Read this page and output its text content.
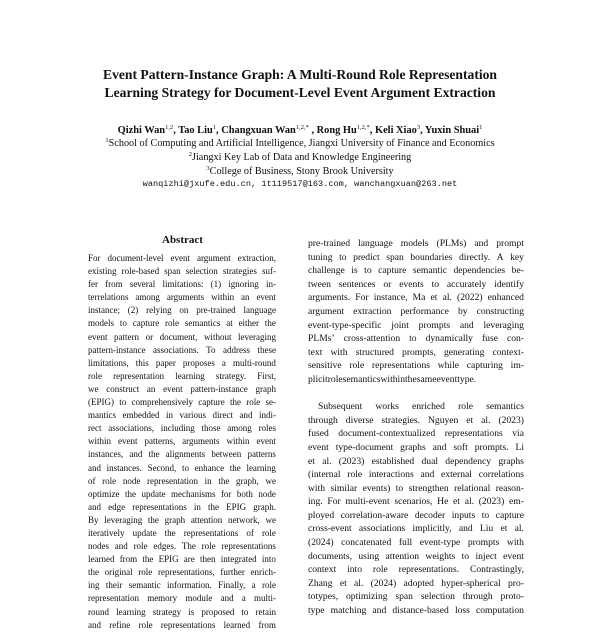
Event Pattern-Instance Graph: A Multi-Round Role Representation
Learning Strategy for Document-Level Event Argument Extraction
Qizhi Wan$^{1,2}$, Tao Liu$^1$, Changxuan Wan$^{1,2,*}$ , Rong $Hu^{1,2,*}$, Keli Xiao$^3$, Yuxin Shuai$^1$
$^1$School of Computing and Artificial Intelligence, Jiangxi University of Finance and Economics
$^2$Jiangxi Key Lab of Data and Knowledge Engineering
$^3$College of Business, Stony Brook University
wanqizhi@jxufe.edu.cn, 1t119517@163.com, wanchangxuan@263.net
Abstract
For document-level event argument extraction,
existing role-based span selection strategies suf-
fer from several limitations: (1) ignoring in-
terrelations among arguments within an event
instance; (2) relying on pre-trained language
models to capture role semantics at either the
event pattern or document, without leveraging
pattern-instance associations. To address these
limitations, this paper proposes a multi-round
role representation learning strategy. First,
we construct an event pattern-instance graph
(EPIG) to comprehensively capture the role se-
mantics embedded in various direct and indi-
rect associations, including those among roles
within event patterns, arguments within event
instances, and the alignments between patterns
and instances. Second, to enhance the learning
of role node representation in the graph, we
optimize the update mechanisms for both node
and edge representations in the EPIG graph.
By leveraging the graph attention network, we
iteratively update the representations of role
nodes and role edges. The role representations
learned from the EPIG are then integrated into
the original role representations, further enrich-
ing their semantic information. Finally, a role
representation memory module and a multi-
round learning strategy is proposed to retain
and refine role representations learned from
pre-trained language models (PLMs) and prompt
tuning to predict span boundaries directly. A key
challenge is to capture semantic dependencies be-
tween sentences or events to accurately identify
arguments. For instance, Ma et al. (2022) enhanced
argument extraction performance by constructing
event-type-specific joint prompts and leveraging
PLMs’ cross-attention to dynamically fuse con-
text with structured prompts, generating context-
sensitive role representations while capturing im-
plicit role semantics within the same event type.
Subsequent works enriched role semantics
through diverse strategies. Nguyen et al. (2023)
fused document-contextualized representations via
event type-document graphs and soft prompts. Li
et al. (2023) established dual dependency graphs
(internal role interactions and external correlations
with similar events) to strengthen relational reason-
ing. For multi-event scenarios, He et al. (2023) em-
ployed correlation-aware decoder inputs to capture
cross-event associations implicitly, and Liu et al.
(2024) concatenated full event-type prompts with
documents, using attention weights to inject event
context into role representations. Contrastingly,
Zhang et al. (2024) adopted hyper-spherical pro-
totypes, optimizing span selection through proto-
type matching and distance-based loss computation
